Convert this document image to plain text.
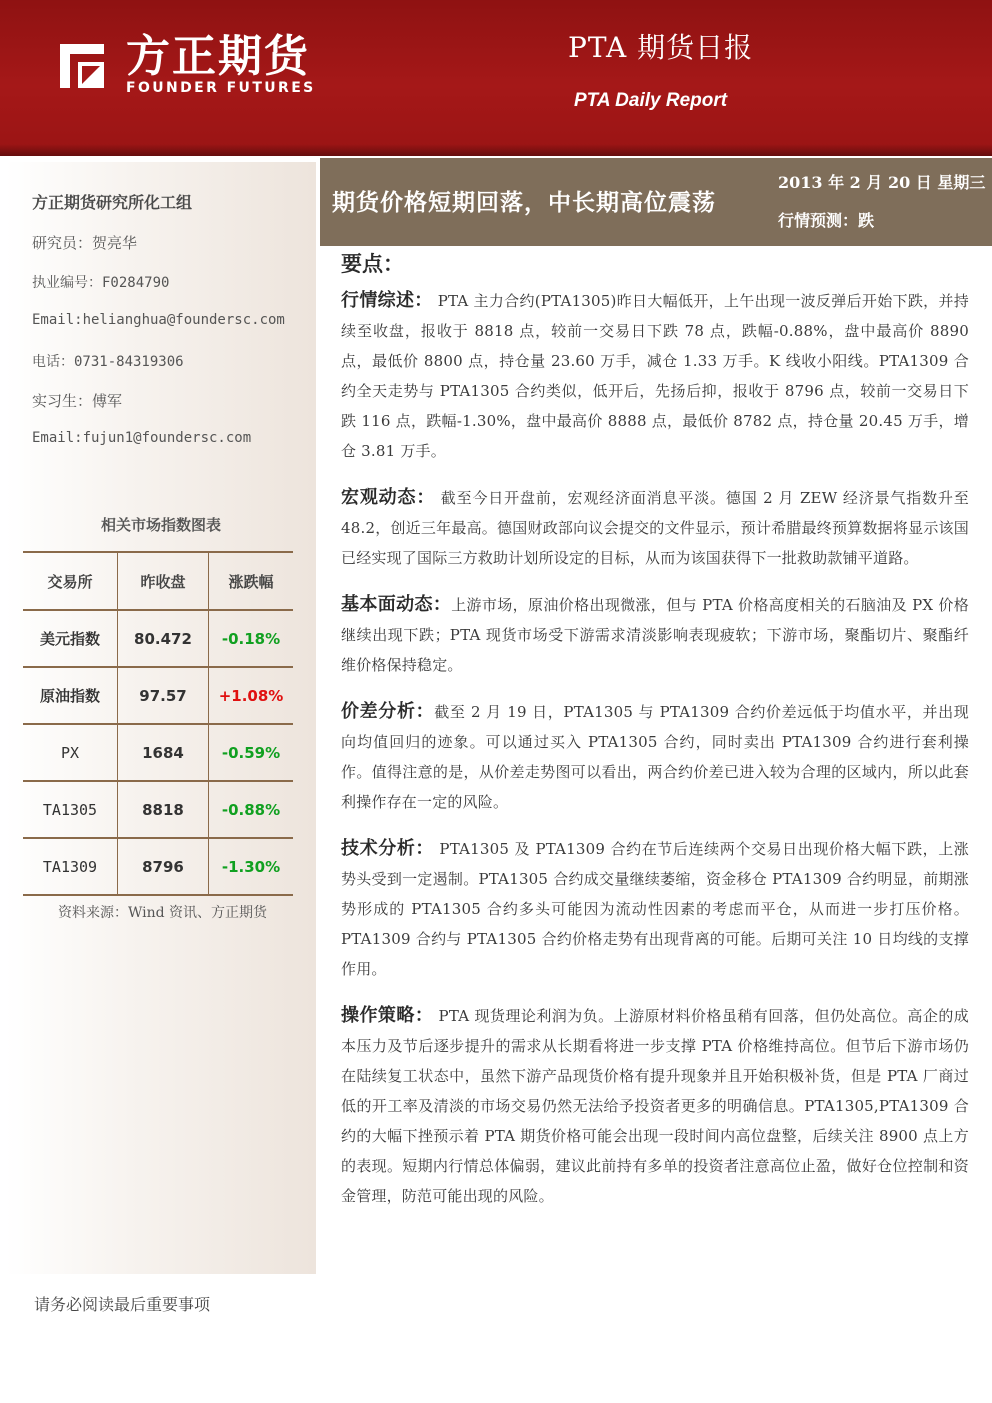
方正期货
FOUNDER FUTURES
PTA 期货日报
PTA Daily Report
方正期货研究所化工组
研究员：贺亮华
执业编号：F0284790
Email:helianghua@foundersc.com
电话：0731-84319306
实习生：傅军
Email:fujun1@foundersc.com
相关市场指数图表
交易所	昨收盘	涨跌幅
美元指数	80.472	-0.18%
原油指数	97.57	+1.08%
PX	1684	-0.59%
TA1305	8818	-0.88%
TA1309	8796	-1.30%
资料来源：Wind 资讯、方正期货
请务必阅读最后重要事项
期货价格短期回落，中长期高位震荡
2013 年 2 月 20 日 星期三
行情预测：跌
要点：

行情综述： PTA 主力合约(PTA1305)昨日大幅低开，上午出现一波反弹后开始下跌，并持续至收盘，报收于 8818 点，较前一交易日下跌 78 点，跌幅-0.88%，盘中最高价 8890 点，最低价 8800 点，持仓量 23.60 万手，减仓 1.33 万手。K 线收小阳线。PTA1309 合约全天走势与 PTA1305 合约类似，低开后，先扬后抑，报收于 8796 点，较前一交易日下跌 116 点，跌幅-1.30%，盘中最高价 8888 点，最低价 8782 点，持仓量 20.45 万手，增仓 3.81 万手。

宏观动态： 截至今日开盘前，宏观经济面消息平淡。德国 2 月 ZEW 经济景气指数升至 48.2，创近三年最高。德国财政部向议会提交的文件显示，预计希腊最终预算数据将显示该国已经实现了国际三方救助计划所设定的目标，从而为该国获得下一批救助款铺平道路。

基本面动态：上游市场，原油价格出现微涨，但与 PTA 价格高度相关的石脑油及 PX 价格继续出现下跌；PTA 现货市场受下游需求清淡影响表现疲软；下游市场，聚酯切片、聚酯纤维价格保持稳定。

价差分析：截至 2 月 19 日，PTA1305 与 PTA1309 合约价差远低于均值水平，并出现向均值回归的迹象。可以通过买入 PTA1305 合约，同时卖出 PTA1309 合约进行套利操作。值得注意的是，从价差走势图可以看出，两合约价差已进入较为合理的区域内，所以此套利操作存在一定的风险。

技术分析： PTA1305 及 PTA1309 合约在节后连续两个交易日出现价格大幅下跌，上涨势头受到一定遏制。PTA1305 合约成交量继续萎缩，资金移仓 PTA1309 合约明显，前期涨势形成的 PTA1305 合约多头可能因为流动性因素的考虑而平仓，从而进一步打压价格。PTA1309 合约与 PTA1305 合约价格走势有出现背离的可能。后期可关注 10 日均线的支撑作用。

操作策略： PTA 现货理论利润为负。上游原材料价格虽稍有回落，但仍处高位。高企的成本压力及节后逐步提升的需求从长期看将进一步支撑 PTA 价格维持高位。但节后下游市场仍在陆续复工状态中，虽然下游产品现货价格有提升现象并且开始积极补货，但是 PTA 厂商过低的开工率及清淡的市场交易仍然无法给予投资者更多的明确信息。PTA1305,PTA1309 合约的大幅下挫预示着 PTA 期货价格可能会出现一段时间内高位盘整，后续关注 8900 点上方的表现。短期内行情总体偏弱，建议此前持有多单的投资者注意高位止盈，做好仓位控制和资金管理，防范可能出现的风险。
